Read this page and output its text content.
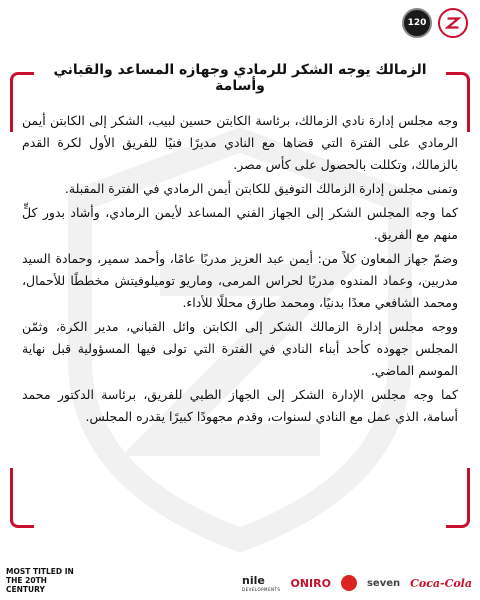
120
الزمالك يوجه الشكر للرمادي وجهازه المساعد والقباني وأسامة

وجه مجلس إدارة نادي الزمالك، برئاسة الكابتن حسين لبيب، الشكر إلى الكابتن أيمن الرمادي على الفترة التي قضاها مع النادي مديرًا فنيًا للفريق الأول لكرة القدم بالزمالك، وتكللت بالحصول على كأس مصر.

وتمنى مجلس إدارة الزمالك التوفيق للكابتن أيمن الرمادي في الفترة المقبلة.

كما وجه المجلس الشكر إلى الجهاز الفني المساعد لأيمن الرمادي، وأشاد بدور كلٍّ منهم مع الفريق.

وضمّ جهاز المعاون كلاً من: أيمن عبد العزيز مدربًا عامًا، وأحمد سمير، وحمادة السيد مدربين، وعماد المندوه مدربًا لحراس المرمى، وماريو توميلوفيتش مخططًا للأحمال، ومحمد الشافعي معدًا بدنيًا، ومحمد طارق محللًا للأداء.

ووجه مجلس إدارة الزمالك الشكر إلى الكابتن وائل القباني، مدير الكرة، وثمّن المجلس جهوده كأحد أبناء النادي في الفترة التي تولى فيها المسؤولية قبل نهاية الموسم الماضي.

كما وجه مجلس الإدارة الشكر إلى الجهاز الطبي للفريق، برئاسة الدكتور محمد أسامة، الذي عمل مع النادي لسنوات، وقدم مجهودًا كبيرًا يقدره المجلس.

MOST TITLED IN THE 20TH CENTURY
nile
DEVELOPMENTS ONIRO	seven Coca-Cola
